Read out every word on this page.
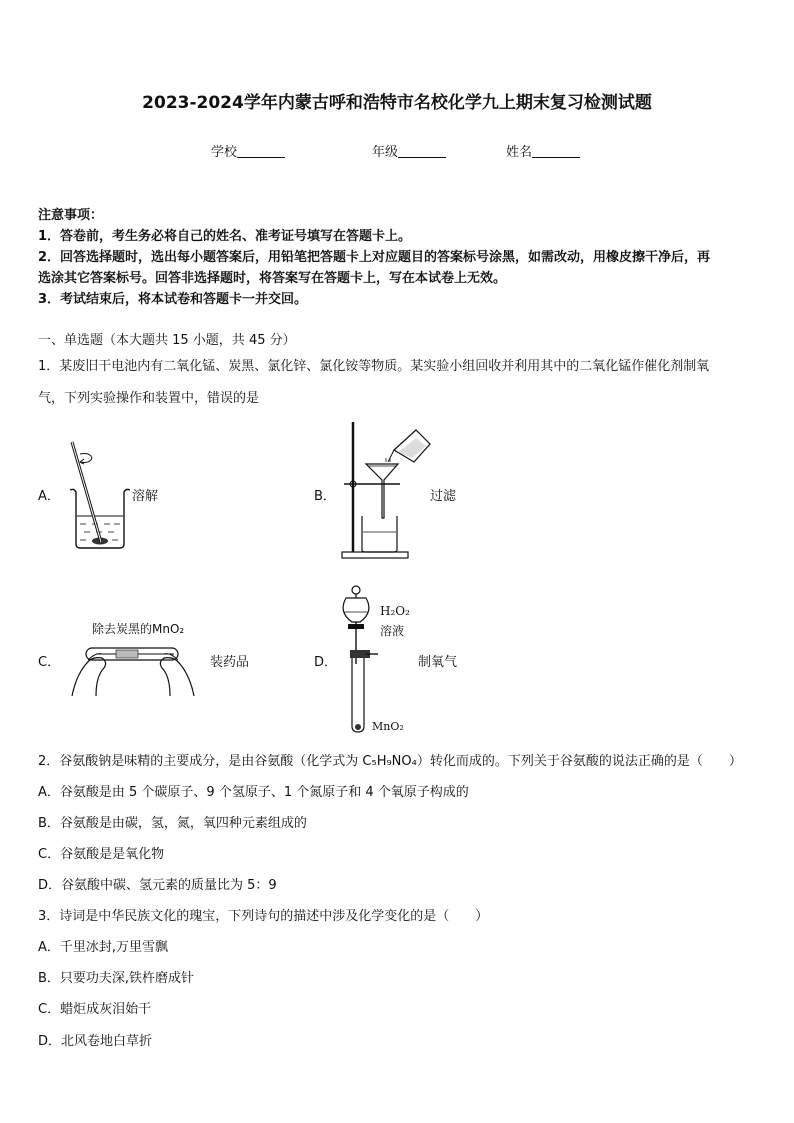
2023-2024学年内蒙古呼和浩特市名校化学九上期末复习检测试题
学校	年级	姓名
注意事项：
1．答卷前，考生务必将自己的姓名、准考证号填写在答题卡上。
2．回答选择题时，选出每小题答案后，用铅笔把答题卡上对应题目的答案标号涂黑，如需改动，用橡皮擦干净后，再
选涂其它答案标号。回答非选择题时，将答案写在答题卡上，写在本试卷上无效。
3．考试结束后，将本试卷和答题卡一并交回。
一、单选题（本大题共 15 小题，共 45 分）
1．某废旧干电池内有二氧化锰、炭黑、氯化锌、氯化铵等物质。某实验小组回收并利用其中的二氧化锰作催化剂制氧
气，下列实验操作和装置中，错误的是
A．	溶解	B．	过滤
C．
除去炭黑的MnO₂
装药品	D．
H₂O₂
溶液
MnO₂
制氧气
2．谷氨酸钠是味精的主要成分，是由谷氨酸（化学式为 C₅H₉NO₄）转化而成的。下列关于谷氨酸的说法正确的是（　　）
A．谷氨酸是由 5 个碳原子、9 个氢原子、1 个氮原子和 4 个氧原子构成的
B．谷氨酸是由碳，氢，氮，氧四种元素组成的
C．谷氨酸是是氧化物
D．谷氨酸中碳、氢元素的质量比为 5：9
3．诗词是中华民族文化的瑰宝，下列诗句的描述中涉及化学变化的是（　　）
A．千里冰封,万里雪飘
B．只要功夫深,铁杵磨成针
C．蜡炬成灰泪始干
D．北风卷地白草折
